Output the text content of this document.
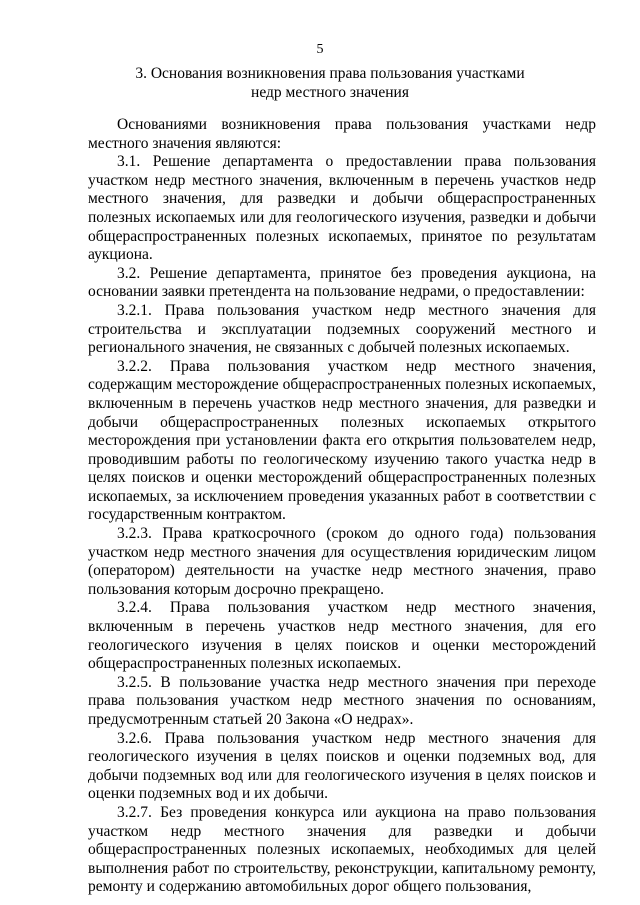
5
3. Основания возникновения права пользования участками недр местного значения

Основаниями возникновения права пользования участками недр местного значения являются:

3.1. Решение департамента о предоставлении права пользования участком недр местного значения, включенным в перечень участков недр местного значения, для разведки и добычи общераспространенных полезных ископаемых или для геологического изучения, разведки и добычи общераспространенных полезных ископаемых, принятое по результатам аукциона.

3.2. Решение департамента, принятое без проведения аукциона, на основании заявки претендента на пользование недрами, о предоставлении:

3.2.1. Права пользования участком недр местного значения для строительства и эксплуатации подземных сооружений местного и регионального значения, не связанных с добычей полезных ископаемых.

3.2.2. Права пользования участком недр местного значения, содержащим месторождение общераспространенных полезных ископаемых, включенным в перечень участков недр местного значения, для разведки и добычи общераспространенных полезных ископаемых открытого месторождения при установлении факта его открытия пользователем недр, проводившим работы по геологическому изучению такого участка недр в целях поисков и оценки месторождений общераспространенных полезных ископаемых, за исключением проведения указанных работ в соответствии с государственным контрактом.

3.2.3. Права краткосрочного (сроком до одного года) пользования участком недр местного значения для осуществления юридическим лицом (оператором) деятельности на участке недр местного значения, право пользования которым досрочно прекращено.

3.2.4. Права пользования участком недр местного значения, включенным в перечень участков недр местного значения, для его геологического изучения в целях поисков и оценки месторождений общераспространенных полезных ископаемых.

3.2.5. В пользование участка недр местного значения при переходе права пользования участком недр местного значения по основаниям, предусмотренным статьей 20 Закона «О недрах».

3.2.6. Права пользования участком недр местного значения для геологического изучения в целях поисков и оценки подземных вод, для добычи подземных вод или для геологического изучения в целях поисков и оценки подземных вод и их добычи.

3.2.7. Без проведения конкурса или аукциона на право пользования участком недр местного значения для разведки и добычи общераспространенных полезных ископаемых, необходимых для целей выполнения работ по строительству, реконструкции, капитальному ремонту, ремонту и содержанию автомобильных дорог общего пользования,
